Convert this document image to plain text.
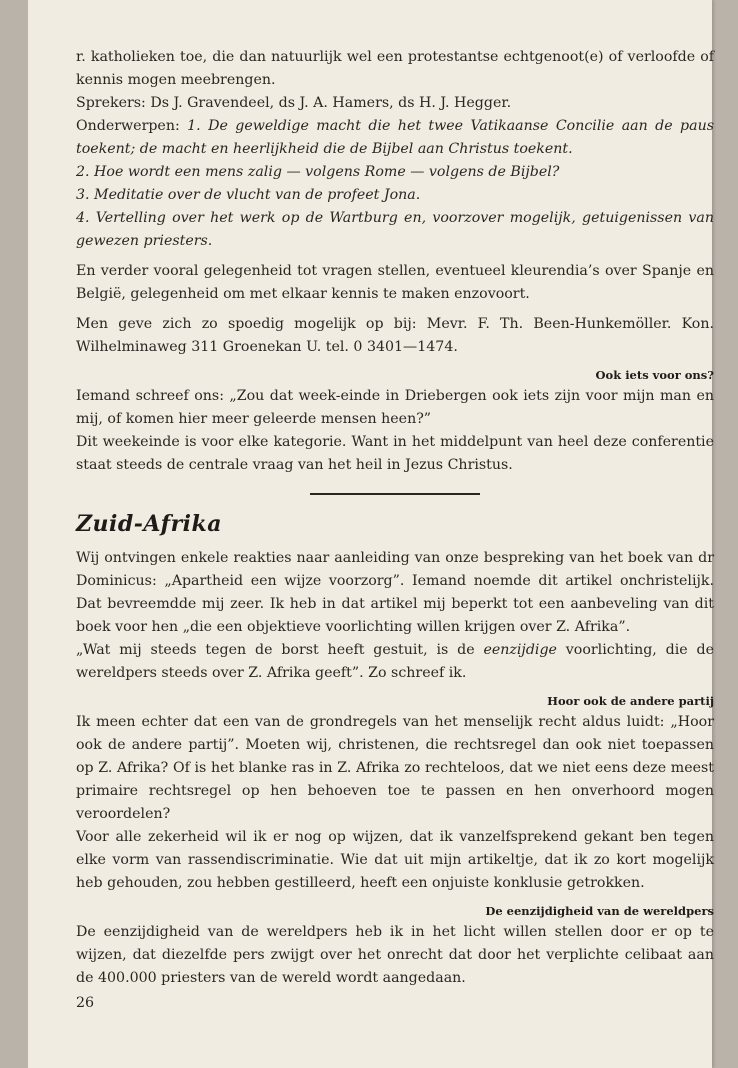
r. katholieken toe, die dan natuurlijk wel een protestantse echtgenoot(e) of verloofde of kennis mogen meebrengen.

Sprekers: Ds J. Gravendeel, ds J. A. Hamers, ds H. J. Hegger.

Onderwerpen: 1. De geweldige macht die het twee Vatikaanse Concilie aan de paus toekent; de macht en heerlijkheid die de Bijbel aan Christus toekent.

2. Hoe wordt een mens zalig — volgens Rome — volgens de Bijbel?

3. Meditatie over de vlucht van de profeet Jona.

4. Vertelling over het werk op de Wartburg en, voorzover mogelijk, getuigenissen van gewezen priesters.

En verder vooral gelegenheid tot vragen stellen, eventueel kleurendia’s over Spanje en België, gelegenheid om met elkaar kennis te maken enzovoort.

Men geve zich zo spoedig mogelijk op bij: Mevr. F. Th. Been-Hunkemöller. Kon. Wilhelminaweg 311 Groenekan U. tel. 0 3401—1474.

Ook iets voor ons?

Iemand schreef ons: „Zou dat week-einde in Driebergen ook iets zijn voor mijn man en mij, of komen hier meer geleerde mensen heen?”

Dit weekeinde is voor elke kategorie. Want in het middelpunt van heel deze conferentie staat steeds de centrale vraag van het heil in Jezus Christus.

Zuid-Afrika

Wij ontvingen enkele reakties naar aanleiding van onze bespreking van het boek van dr Dominicus: „Apartheid een wijze voorzorg”. Iemand noemde dit artikel onchristelijk. Dat bevreemdde mij zeer. Ik heb in dat artikel mij beperkt tot een aanbeveling van dit boek voor hen „die een objektieve voorlichting willen krijgen over Z. Afrika”.

„Wat mij steeds tegen de borst heeft gestuit, is de eenzijdige voorlichting, die de wereldpers steeds over Z. Afrika geeft”. Zo schreef ik.

Hoor ook de andere partij

Ik meen echter dat een van de grondregels van het menselijk recht aldus luidt: „Hoor ook de andere partij”. Moeten wij, christenen, die rechtsregel dan ook niet toepassen op Z. Afrika? Of is het blanke ras in Z. Afrika zo rechteloos, dat we niet eens deze meest primaire rechtsregel op hen behoeven toe te passen en hen onverhoord mogen veroordelen?

Voor alle zekerheid wil ik er nog op wijzen, dat ik vanzelfsprekend gekant ben tegen elke vorm van rassendiscriminatie. Wie dat uit mijn artikeltje, dat ik zo kort mogelijk heb gehouden, zou hebben gestilleerd, heeft een onjuiste konklusie getrokken.

De eenzijdigheid van de wereldpers

De eenzijdigheid van de wereldpers heb ik in het licht willen stellen door er op te wijzen, dat diezelfde pers zwijgt over het onrecht dat door het verplichte celibaat aan de 400.000 priesters van de wereld wordt aangedaan.

26
